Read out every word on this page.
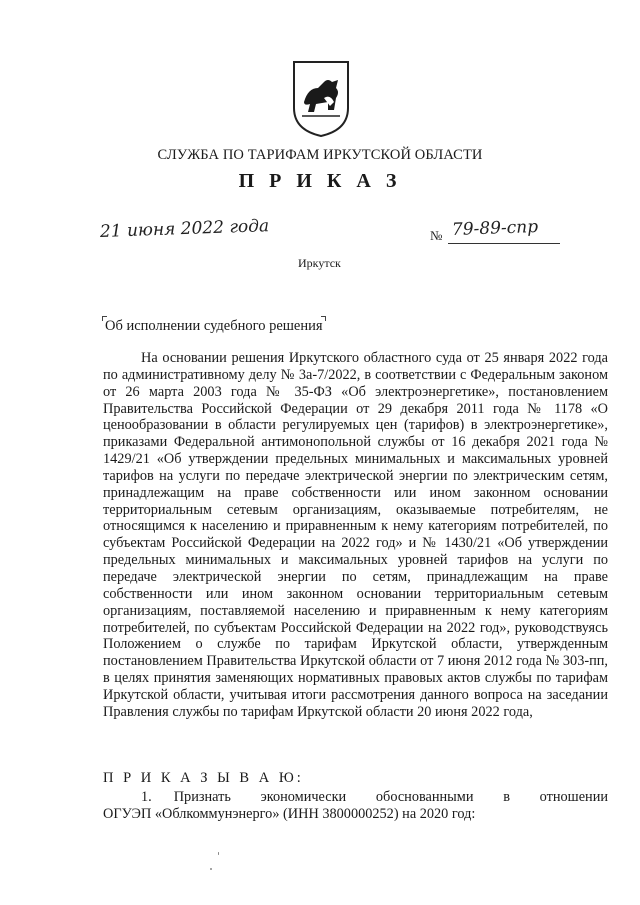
СЛУЖБА ПО ТАРИФАМ ИРКУТСКОЙ ОБЛАСТИ
П Р И К А З
21 июня 2022 года	№ 79-89-спр
Иркутск
Об исполнении судебного решения

На основании решения Иркутского областного суда от 25 января 2022 года по административному делу № 3а-7/2022, в соответствии с Федеральным законом от 26 марта 2003 года № 35-ФЗ «Об электроэнергетике», постановлением Правительства Российской Федерации от 29 декабря 2011 года № 1178 «О ценообразовании в области регулируемых цен (тарифов) в электроэнергетике», приказами Федеральной антимонопольной службы от 16 декабря 2021 года № 1429/21 «Об утверждении предельных минимальных и максимальных уровней тарифов на услуги по передаче электрической энергии по электрическим сетям, принадлежащим на праве собственности или ином законном основании территориальным сетевым организациям, оказываемые потребителям, не относящимся к населению и приравненным к нему категориям потребителей, по субъектам Российской Федерации на 2022 год» и № 1430/21 «Об утверждении предельных минимальных и максимальных уровней тарифов на услуги по передаче электрической энергии по сетям, принадлежащим на праве собственности или ином законном основании территориальным сетевым организациям, поставляемой населению и приравненным к нему категориям потребителей, по субъектам Российской Федерации на 2022 год», руководствуясь Положением о службе по тарифам Иркутской области, утвержденным постановлением Правительства Иркутской области от 7 июня 2012 года № 303-пп, в целях принятия заменяющих нормативных правовых актов службы по тарифам Иркутской области, учитывая итоги рассмотрения данного вопроса на заседании Правления службы по тарифам Иркутской области 20 июня 2022 года,

П Р И К А З Ы В А Ю:
1. Признать экономически обоснованными в отношении
ОГУЭП «Облкоммунэнерго» (ИНН 3800000252) на 2020 год:
